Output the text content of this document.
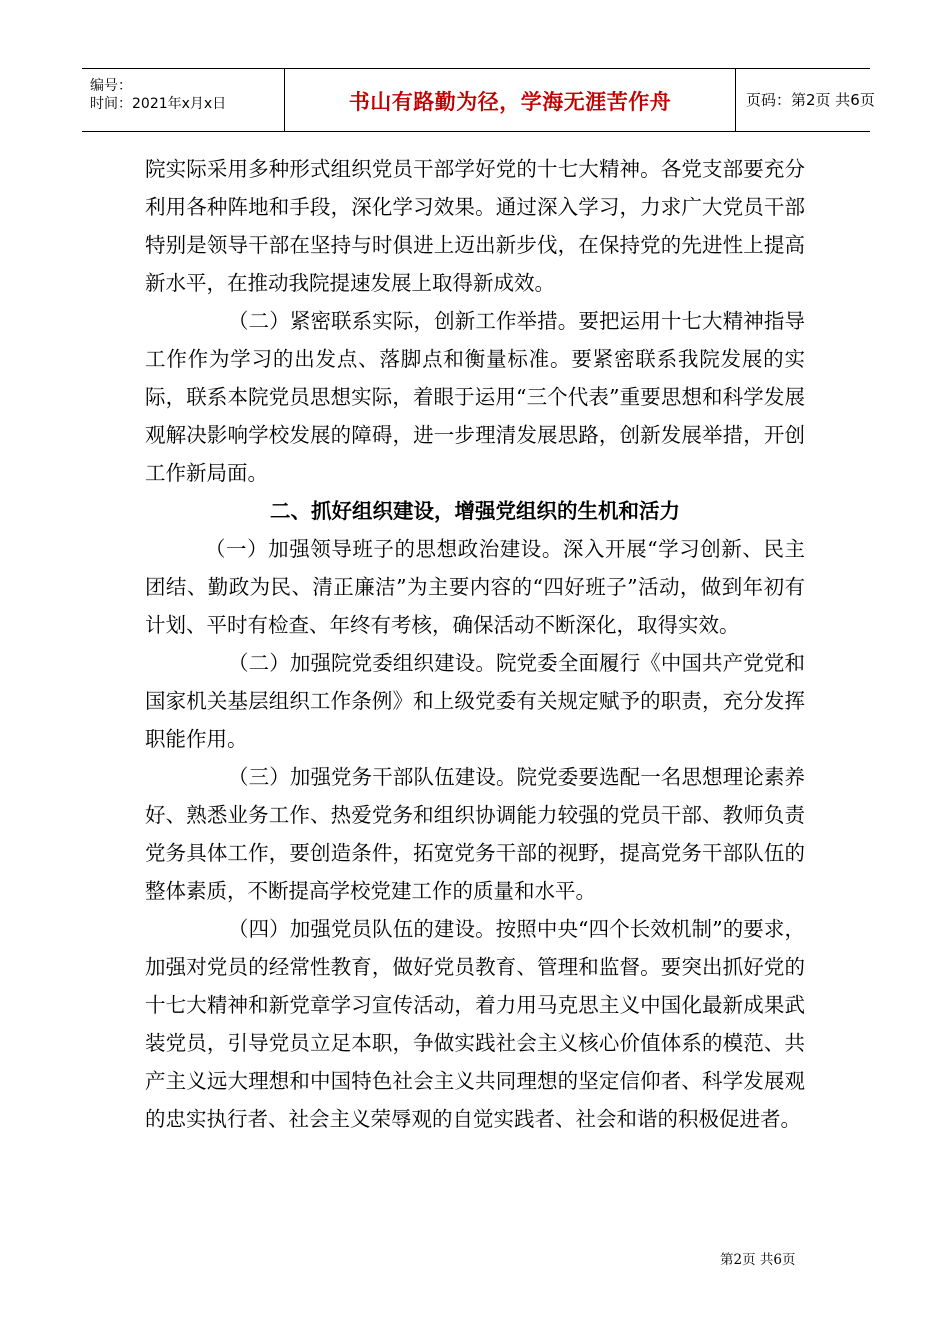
编号：
时间：2021年x月x日	书山有路勤为径，学海无涯苦作舟	页码：第2页 共6页

院实际采用多种形式组织党员干部学好党的十七大精神。各党支部要充分利用各种阵地和手段，深化学习效果。通过深入学习，力求广大党员干部特别是领导干部在坚持与时俱进上迈出新步伐，在保持党的先进性上提高新水平，在推动我院提速发展上取得新成效。

（二）紧密联系实际，创新工作举措。要把运用十七大精神指导工作作为学习的出发点、落脚点和衡量标准。要紧密联系我院发展的实际，联系本院党员思想实际，着眼于运用“三个代表”重要思想和科学发展观解决影响学校发展的障碍，进一步理清发展思路，创新发展举措，开创工作新局面。

二、抓好组织建设，增强党组织的生机和活力

（一）加强领导班子的思想政治建设。深入开展“学习创新、民主团结、勤政为民、清正廉洁”为主要内容的“四好班子”活动，做到年初有计划、平时有检查、年终有考核，确保活动不断深化，取得实效。

（二）加强院党委组织建设。院党委全面履行《中国共产党党和国家机关基层组织工作条例》和上级党委有关规定赋予的职责，充分发挥职能作用。

（三）加强党务干部队伍建设。院党委要选配一名思想理论素养好、熟悉业务工作、热爱党务和组织协调能力较强的党员干部、教师负责党务具体工作，要创造条件，拓宽党务干部的视野，提高党务干部队伍的整体素质，不断提高学校党建工作的质量和水平。

（四）加强党员队伍的建设。按照中央“四个长效机制”的要求，加强对党员的经常性教育，做好党员教育、管理和监督。要突出抓好党的十七大精神和新党章学习宣传活动，着力用马克思主义中国化最新成果武装党员，引导党员立足本职，争做实践社会主义核心价值体系的模范、共产主义远大理想和中国特色社会主义共同理想的坚定信仰者、科学发展观的忠实执行者、社会主义荣辱观的自觉实践者、社会和谐的积极促进者。

第2页 共6页
